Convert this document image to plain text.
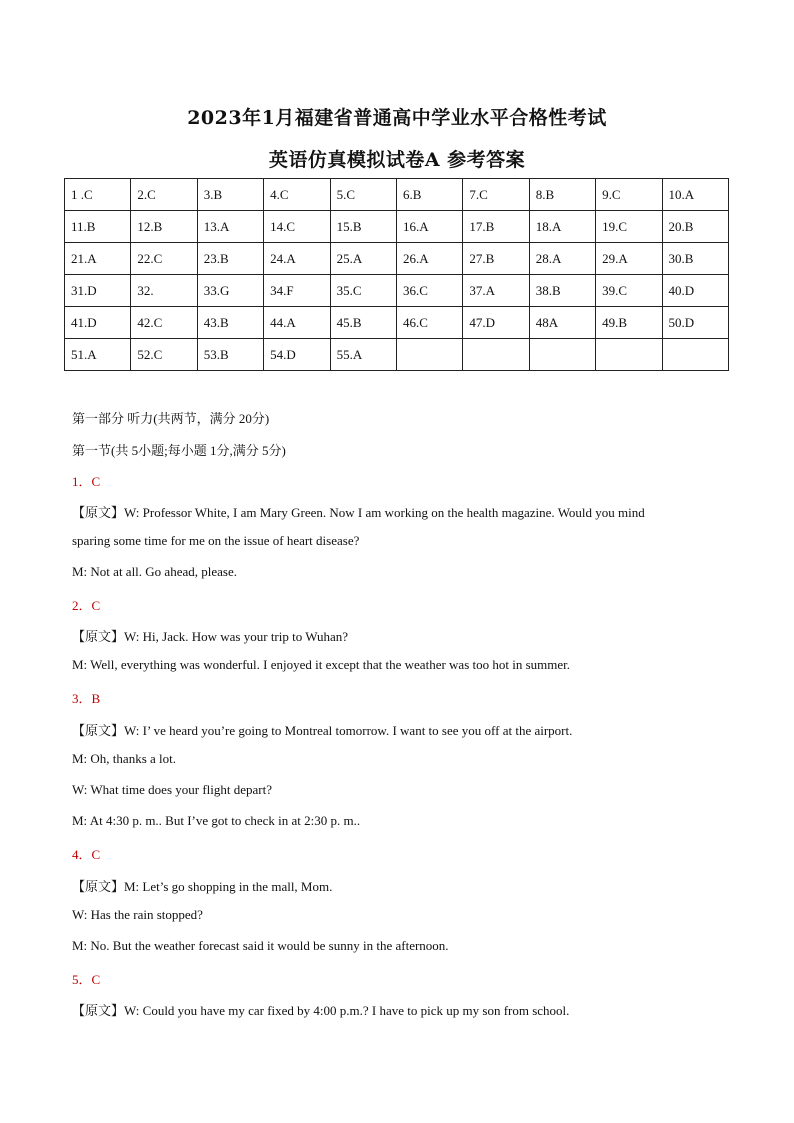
2023年1月福建省普通高中学业水平合格性考试
英语仿真模拟试卷A 参考答案
1 .C	2.C	3.B	4.C	5.C	6.B	7.C	8.B	9.C	10.A
11.B	12.B	13.A	14.C	15.B	16.A	17.B	18.A	19.C	20.B
21.A	22.C	23.B	24.A	25.A	26.A	27.B	28.A	29.A	30.B
31.D	32.	33.G	34.F	35.C	36.C	37.A	38.B	39.C	40.D
41.D	42.C	43.B	44.A	45.B	46.C	47.D	48A	49.B	50.D
51.A	52.C	53.B	54.D	55.A					
第一部分 听力(共两节，满分 20分)
第一节(共 5小题;每小题 1分,满分 5分)
1．C
【原文】W: Professor White, I am Mary Green. Now I am working on the health magazine. Would you mind
sparing some time for me on the issue of heart disease?
M: Not at all. Go ahead, please.
2．C
【原文】W: Hi, Jack. How was your trip to Wuhan?
M: Well, everything was wonderful. I enjoyed it except that the weather was too hot in summer.
3．B
【原文】W: I’ ve heard you’re going to Montreal tomorrow. I want to see you off at the airport.
M: Oh, thanks a lot.
W: What time does your flight depart?
M: At 4:30 p. m.. But I’ve got to check in at 2:30 p. m..
4．C
【原文】M: Let’s go shopping in the mall, Mom.
W: Has the rain stopped?
M: No. But the weather forecast said it would be sunny in the afternoon.
5．C
【原文】W: Could you have my car fixed by 4:00 p.m.? I have to pick up my son from school.
